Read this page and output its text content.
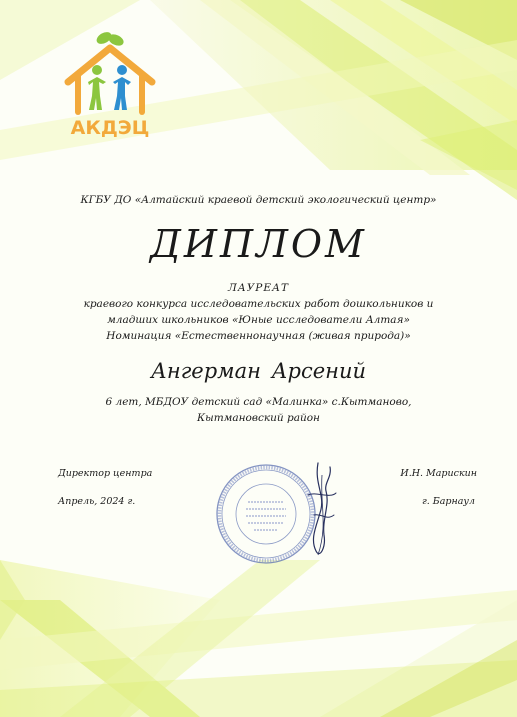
АКДЭЦ
КГБУ ДО «Алтайский краевой детский экологический центр»
ДИПЛОМ
ЛАУРЕАТ
краевого конкурса исследовательских работ дошкольников и
младших школьников «Юные исследователи Алтая»
Номинация «Естественнонаучная (живая природа)»
Ангерман Арсений
6 лет, МБДОУ детский сад «Малинка» с.Кытманово,
Кытмановский район
Директор центра	И.Н. Марискин
Апрель, 2024 г.	г. Барнаул
